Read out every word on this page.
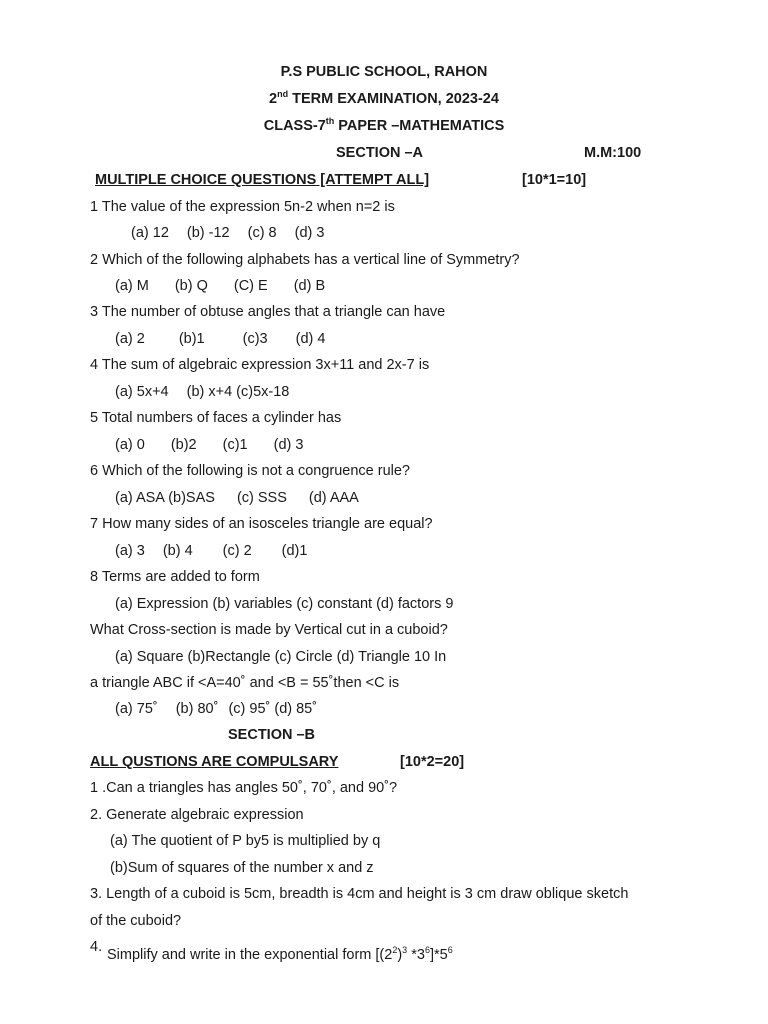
P.S PUBLIC SCHOOL, RAHON
2nd TERM EXAMINATION, 2023-24
CLASS-7th PAPER –MATHEMATICS
SECTION –A	M.M:100
MULTIPLE CHOICE QUESTIONS [ATTEMPT ALL]	[10*1=10]
1 The value of the expression 5n-2 when n=2 is
(a) 12 (b) -12 (c) 8 (d) 3
2 Which of the following alphabets has a vertical line of Symmetry?
(a) M (b) Q (C) E (d) B
3 The number of obtuse angles that a triangle can have
(a) 2 (b)1	(c)3 (d) 4
4 The sum of algebraic expression 3x+11 and 2x-7 is
(a) 5x+4 (b) x+4 (c)5x-18
5 Total numbers of faces a cylinder has
(a) 0 (b)2 (c)1 (d) 3
6 Which of the following is not a congruence rule?
(a) ASA (b)SAS (c) SSS (d) AAA
7 How many sides of an isosceles triangle are equal?
(a) 3 (b) 4 (c) 2 (d)1
8 Terms are added to form
(a) Expression (b) variables (c) constant (d) factors 9
What Cross-section is made by Vertical cut in a cuboid?
(a) Square (b)Rectangle (c) Circle (d) Triangle 10 In
a triangle ABC if <A=40˚ and <B = 55˚then <C is
(a) 75˚ (b) 80˚ (c) 95˚ (d) 85˚
SECTION –B
ALL QUSTIONS ARE COMPULSARY	[10*2=20]
1 .Can a triangles has angles 50˚, 70˚, and 90˚?
2. Generate algebraic expression
(a) The quotient of P by5 is multiplied by q
(b)Sum of squares of the number x and z
3. Length of a cuboid is 5cm, breadth is 4cm and height is 3 cm draw oblique sketch
of the cuboid?
4. Simplify and write in the exponential form [$(2^2)^3$ $*3^6]*5^6$
